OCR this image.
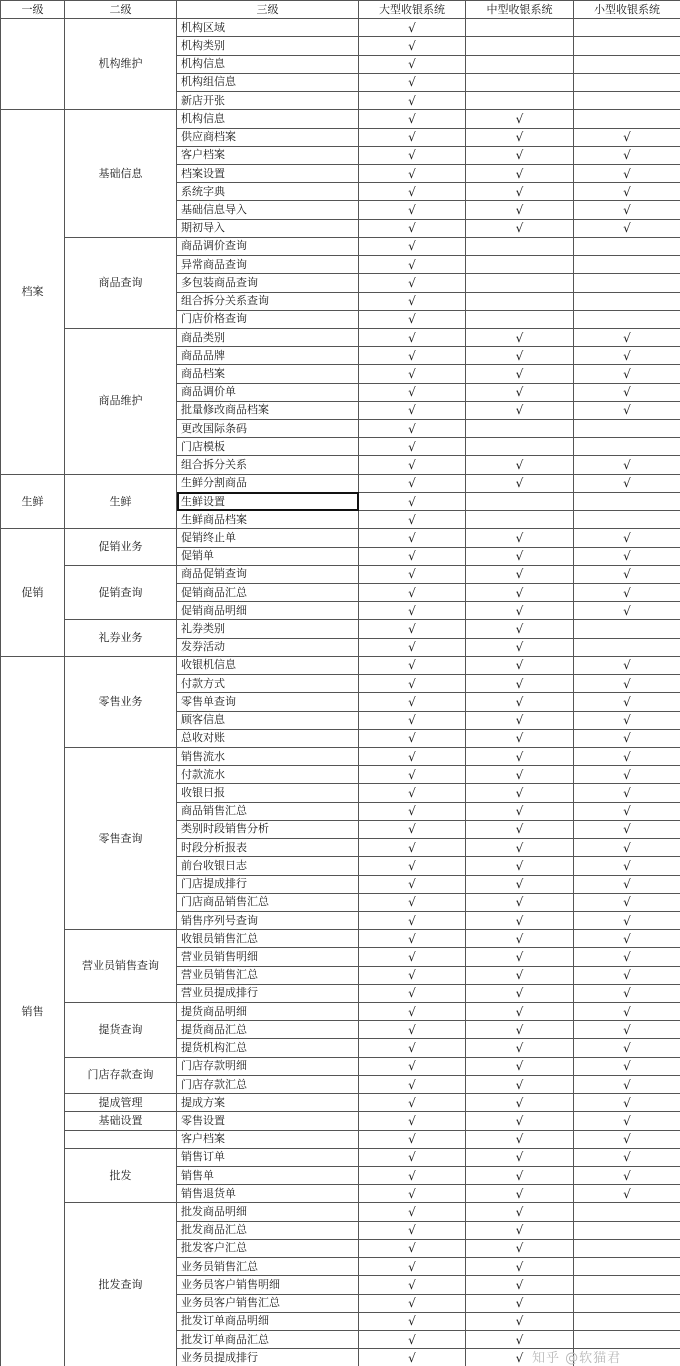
一级	二级	三级	大型收银系统	中型收银系统	小型收银系统
	机构维护	机构区域	√		
		机构类别	√		
		机构信息	√		
		机构组信息	√		
		新店开张	√		
档案	基础信息	机构信息	√	√	
		供应商档案	√	√	√
		客户档案	√	√	√
		档案设置	√	√	√
		系统字典	√	√	√
		基础信息导入	√	√	√
		期初导入	√	√	√
	商品查询	商品调价查询	√		
		异常商品查询	√		
		多包装商品查询	√		
		组合拆分关系查询	√		
		门店价格查询	√		
	商品维护	商品类别	√	√	√
		商品品牌	√	√	√
		商品档案	√	√	√
		商品调价单	√	√	√
		批量修改商品档案	√	√	√
		更改国际条码	√		
		门店模板	√		
		组合拆分关系	√	√	√
生鲜	生鲜	生鲜分割商品	√	√	√
		生鲜设置	√		
		生鲜商品档案	√		
促销	促销业务	促销终止单	√	√	√
		促销单	√	√	√
	促销查询	商品促销查询	√	√	√
		促销商品汇总	√	√	√
		促销商品明细	√	√	√
	礼券业务	礼券类别	√	√	
		发券活动	√	√	
销售	零售业务	收银机信息	√	√	√
		付款方式	√	√	√
		零售单查询	√	√	√
		顾客信息	√	√	√
		总收对账	√	√	√
	零售查询	销售流水	√	√	√
		付款流水	√	√	√
		收银日报	√	√	√
		商品销售汇总	√	√	√
		类别时段销售分析	√	√	√
		时段分析报表	√	√	√
		前台收银日志	√	√	√
		门店提成排行	√	√	√
		门店商品销售汇总	√	√	√
		销售序列号查询	√	√	√
	营业员销售查询	收银员销售汇总	√	√	√
		营业员销售明细	√	√	√
		营业员销售汇总	√	√	√
		营业员提成排行	√	√	√
	提货查询	提货商品明细	√	√	√
		提货商品汇总	√	√	√
		提货机构汇总	√	√	√
	门店存款查询	门店存款明细	√	√	√
		门店存款汇总	√	√	√
	提成管理	提成方案	√	√	√
	基础设置	零售设置	√	√	√
		客户档案	√	√	√
	批发	销售订单	√	√	√
		销售单	√	√	√
		销售退货单	√	√	√
	批发查询	批发商品明细	√	√	
		批发商品汇总	√	√	
		批发客户汇总	√	√	
		业务员销售汇总	√	√	
		业务员客户销售明细	√	√	
		业务员客户销售汇总	√	√	
		批发订单商品明细	√	√	
		批发订单商品汇总	√	√	
		业务员提成排行	√	√	知乎 @软猫君
